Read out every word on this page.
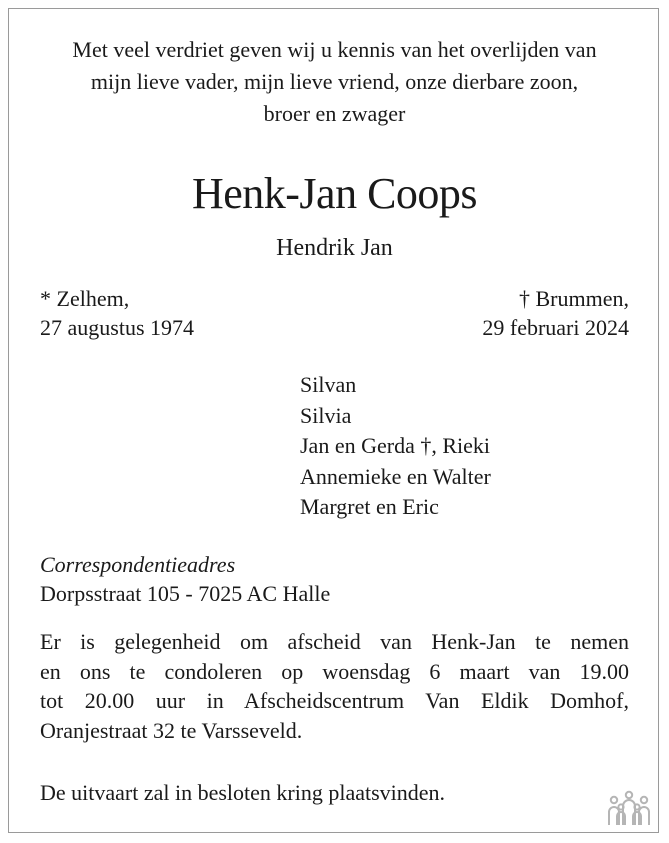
Met veel verdriet geven wij u kennis van het overlijden van
mijn lieve vader, mijn lieve vriend, onze dierbare zoon,
broer en zwager
Henk-Jan Coops
Hendrik Jan
* Zelhem,
27 augustus 1974
† Brummen,
29 februari 2024
Silvan
Silvia
Jan en Gerda †, Rieki
Annemieke en Walter
Margret en Eric
Correspondentieadres
Dorpsstraat 105 - 7025 AC Halle
Er is gelegenheid om afscheid van Henk-Jan te nemen
en ons te condoleren op woensdag 6 maart van 19.00
tot 20.00 uur in Afscheidscentrum Van Eldik Domhof,
Oranjestraat 32 te Varsseveld.
De uitvaart zal in besloten kring plaatsvinden.
